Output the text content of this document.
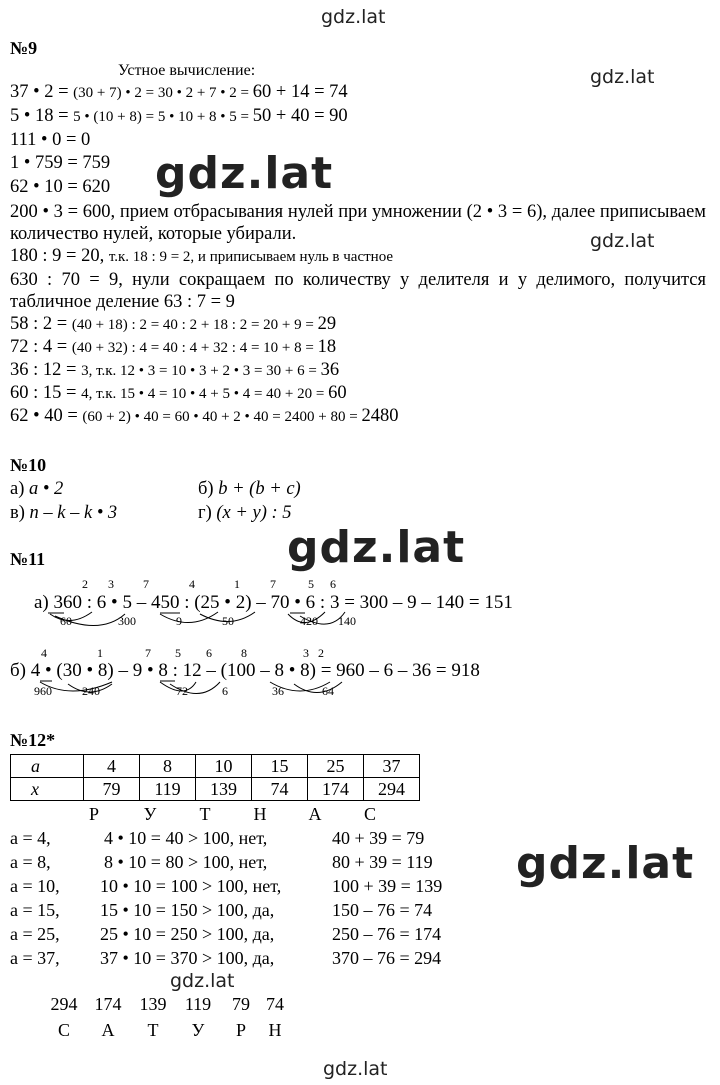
gdz.lat
gdz.lat
gdz.lat
gdz.lat
gdz.lat
gdz.lat
gdz.lat
gdz.lat
№9
Устное вычисление:
37 • 2 = (30 + 7) • 2 = 30 • 2 + 7 • 2 = 60 + 14 = 74
5 • 18 = 5 • (10 + 8) = 5 • 10 + 8 • 5 = 50 + 40 = 90
111 • 0 = 0
1 • 759 = 759
62 • 10 = 620
200 • 3 = 600, прием отбрасывания нулей при умножении (2 • 3 = 6), далее приписываем количество нулей, которые убирали.
180 : 9 = 20, т.к. 18 : 9 = 2, и приписываем нуль в частное
630 : 70 = 9, нули сокращаем по количеству у делителя и у делимого, получится табличное деление 63 : 7 = 9
58 : 2 = (40 + 18) : 2 = 40 : 2 + 18 : 2 = 20 + 9 = 29
72 : 4 = (40 + 32) : 4 = 40 : 4 + 32 : 4 = 10 + 8 = 18
36 : 12 = 3, т.к. 12 • 3 = 10 • 3 + 2 • 3 = 30 + 6 = 36
60 : 15 = 4, т.к. 15 • 4 = 10 • 4 + 5 • 4 = 40 + 20 = 60
62 • 40 = (60 + 2) • 40 = 60 • 40 + 2 • 40 = 2400 + 80 = 2480
№10
а) a • 2	б) b + (b + c)
в) n – k – k • 3	г) (x + y) : 5
№11
2 3 7	4	1	7	5 6
а) 360 : 6 • 5 – 450 : (25 • 2) – 70 • 6 : 3 = 300 – 9 – 140 = 151
60	300	9	50	420 140
4	1	7 5 6 8	3 2
б) 4 • (30 • 8) – 9 • 8 : 12 – (100 – 8 • 8) = 960 – 6 – 36 = 918
960	240	72	6	36	64
№12*
a	4	8	10	15	25	37
x	79	119	139	74	174	294
Р	У	Т	Н	А	С
a = 4,	4 • 10 = 40 > 100, нет,	40 + 39 = 79
a = 8,	8 • 10 = 80 > 100, нет,	80 + 39 = 119
a = 10, 10 • 10 = 100 > 100, нет,	100 + 39 = 139
a = 15, 15 • 10 = 150 > 100, да,	150 – 76 = 74
a = 25, 25 • 10 = 250 > 100, да,	250 – 76 = 174
a = 37, 37 • 10 = 370 > 100, да,	370 – 76 = 294
294 174	139	119	79 74
С	А	Т	У	Р	Н
